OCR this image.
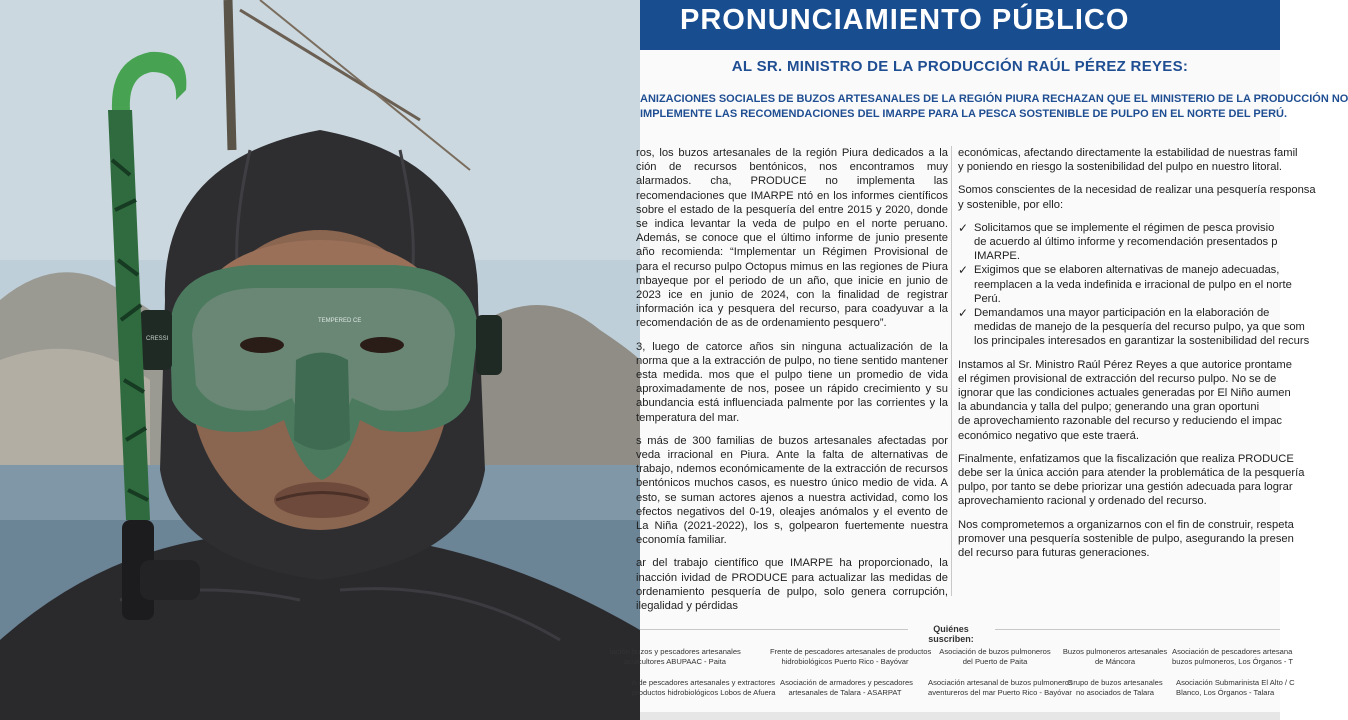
TEMPERED CE
CRESSI
PRONUNCIAMIENTO PÚBLICO
AL SR. MINISTRO DE LA PRODUCCIÓN RAÚL PÉREZ REYES:
ANIZACIONES SOCIALES DE BUZOS ARTESANALES DE LA REGIÓN PIURA RECHAZAN QUE EL MINISTERIO DE LA PRODUCCIÓN NO
IMPLEMENTE LAS RECOMENDACIONES DEL IMARPE PARA LA PESCA SOSTENIBLE DE PULPO EN EL NORTE DEL PERÚ.

ros, los buzos artesanales de la región Piura dedicados a la ción de recursos bentónicos, nos encontramos muy alarmados. cha, PRODUCE no implementa las recomendaciones que IMARPE ntó en los informes científicos sobre el estado de la pesquería del entre 2015 y 2020, donde se indica levantar la veda de pulpo en el norte peruano. Además, se conoce que el último informe de junio presente año recomienda: “Implementar un Régimen Provisional de para el recurso pulpo Octopus mimus en las regiones de Piura mbayeque por el periodo de un año, que inicie en junio de 2023 ice en junio de 2024, con la finalidad de registrar información ica y pesquera del recurso, para coadyuvar a la recomendación de as de ordenamiento pesquero”.

3, luego de catorce años sin ninguna actualización de la norma que a la extracción de pulpo, no tiene sentido mantener esta medida. mos que el pulpo tiene un promedio de vida aproximadamente de nos, posee un rápido crecimiento y su abundancia está influenciada palmente por las corrientes y la temperatura del mar.

s más de 300 familias de buzos artesanales afectadas por veda irracional en Piura. Ante la falta de alternativas de trabajo, ndemos económicamente de la extracción de recursos bentónicos muchos casos, es nuestro único medio de vida. A esto, se suman actores ajenos a nuestra actividad, como los efectos negativos del 0-19, oleajes anómalos y el evento de La Niña (2021-2022), los s, golpearon fuertemente nuestra economía familiar.

ar del trabajo científico que IMARPE ha proporcionado, la inacción ividad de PRODUCE para actualizar las medidas de ordenamiento pesquería de pulpo, solo genera corrupción, ilegalidad y pérdidas

económicas, afectando directamente la estabilidad de nuestras famil
y poniendo en riesgo la sostenibilidad del pulpo en nuestro litoral.

Somos conscientes de la necesidad de realizar una pesquería responsa
y sostenible, por ello:

✓ Solicitamos que se implemente el régimen de pesca provisio
de acuerdo al último informe y recomendación presentados p
IMARPE.
✓ Exigimos que se elaboren alternativas de manejo adecuadas,
reemplacen a la veda indefinida e irracional de pulpo en el norte
Perú.
✓ Demandamos una mayor participación en la elaboración de
medidas de manejo de la pesquería del recurso pulpo, ya que som
los principales interesados en garantizar la sostenibilidad del recurs

Instamos al Sr. Ministro Raúl Pérez Reyes a que autorice prontame
el régimen provisional de extracción del recurso pulpo. No se de
ignorar que las condiciones actuales generadas por El Niño aumen
la abundancia y talla del pulpo; generando una gran oportuni
de aprovechamiento razonable del recurso y reduciendo el impac
económico negativo que este traerá.

Finalmente, enfatizamos que la fiscalización que realiza PRODUCE
debe ser la única acción para atender la problemática de la pesquería
pulpo, por tanto se debe priorizar una gestión adecuada para lograr
aprovechamiento racional y ordenado del recurso.

Nos comprometemos a organizarnos con el fin de construir, respeta
promover una pesquería sostenible de pulpo, asegurando la presen
del recurso para futuras generaciones.

Quiénes suscriben:
lación buzos y pescadores artesanales
acuicultores ABUPAAC - Paita
Frente de pescadores artesanales de productos
hidrobiológicos Puerto Rico - Bayóvar
Asociación de buzos pulmoneros
del Puerto de Paita
Buzos pulmoneros artesanales
de Máncora
Asociación de pescadores artesana
buzos pulmoneros, Los Órganos - T
n de pescadores artesanales y extractores
productos hidrobiológicos Lobos de Afuera
Asociación de armadores y pescadores
artesanales de Talara - ASARPAT
Asociación artesanal de buzos pulmoneros
aventureros del mar Puerto Rico - Bayóvar
Grupo de buzos artesanales
no asociados de Talara
Asociación Submarinista El Alto / C
Blanco, Los Órganos - Talara
